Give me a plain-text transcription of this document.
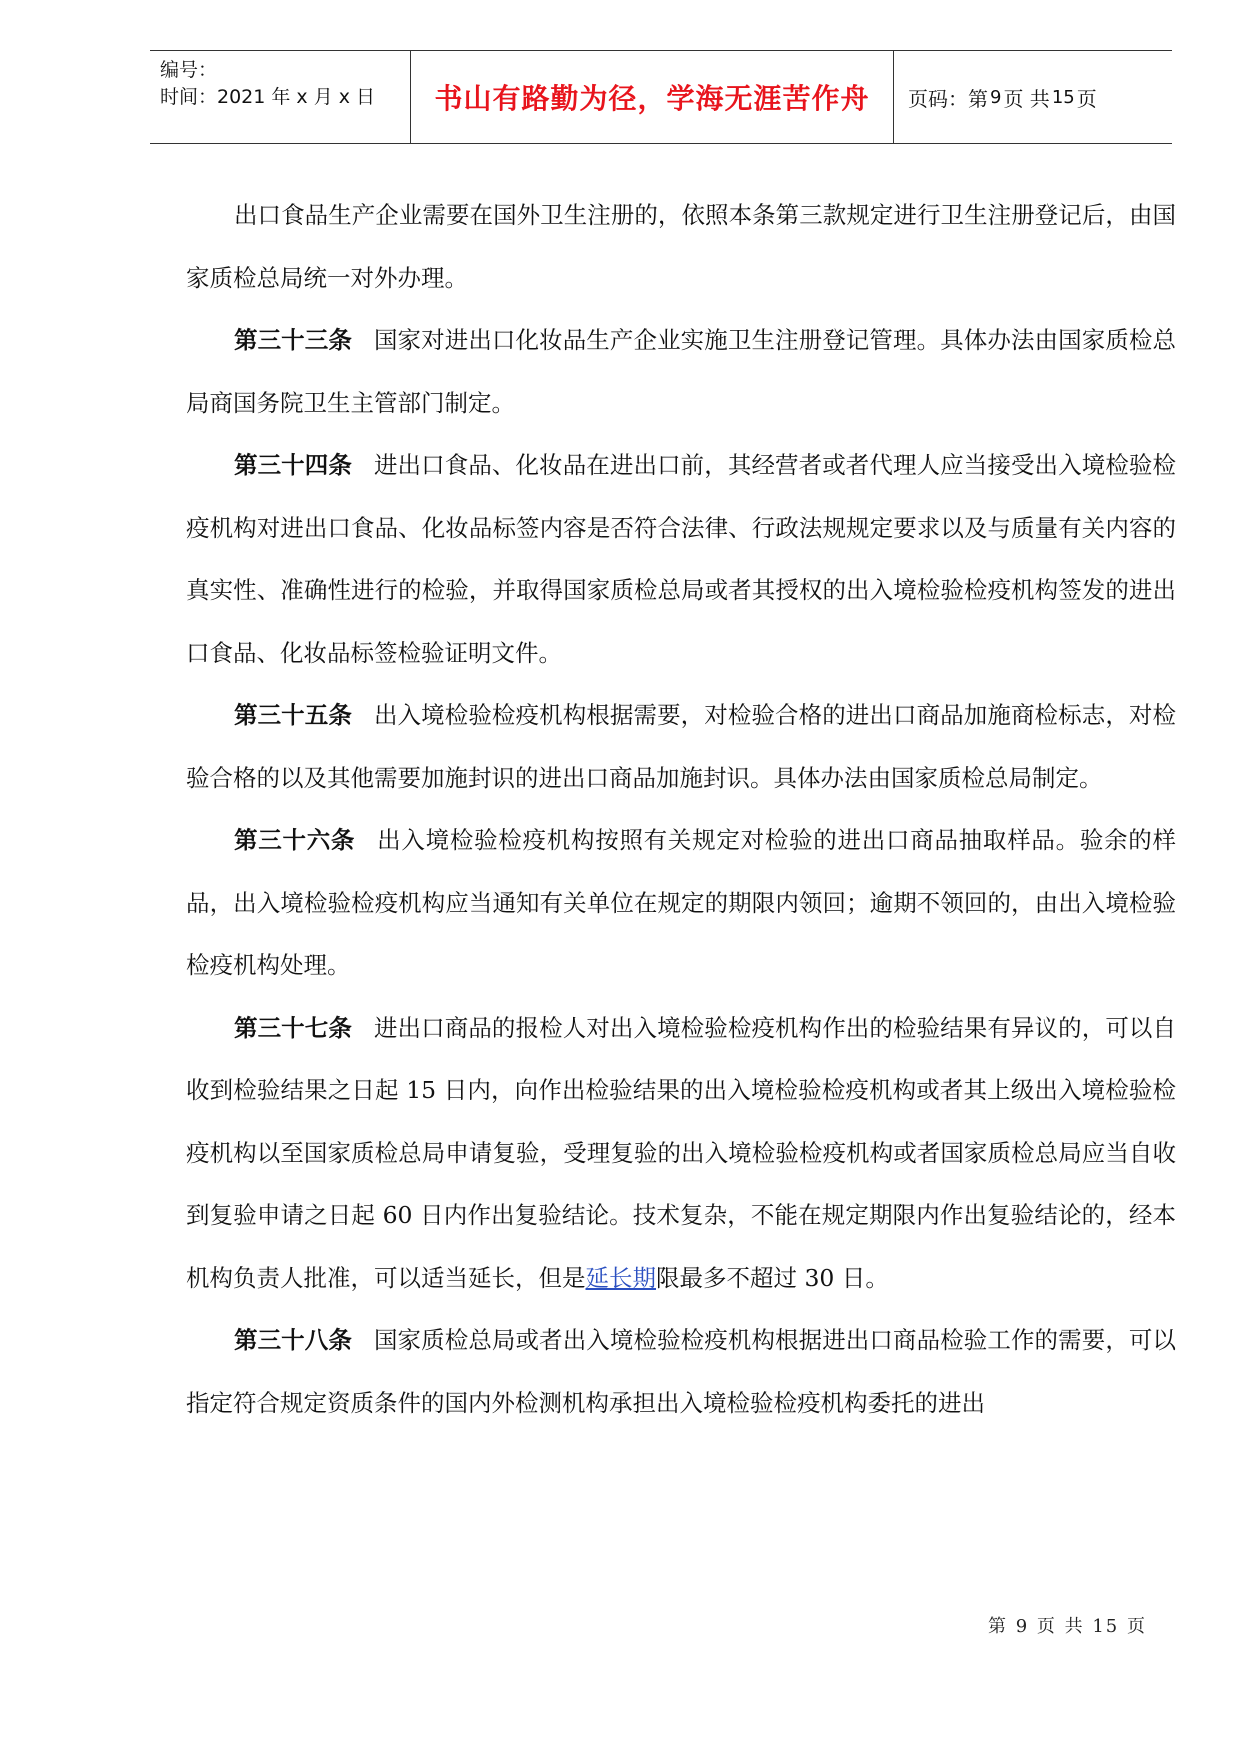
编号：
时间：2021 年 x 月 x 日	书山有路勤为径，学海无涯苦作舟 页码：第 9 页 共 15 页

出口食品生产企业需要在国外卫生注册的，依照本条第三款规定进行卫生注册登记后，由国家质检总局统一对外办理。

第三十三条 国家对进出口化妆品生产企业实施卫生注册登记管理。具体办法由国家质检总局商国务院卫生主管部门制定。

第三十四条 进出口食品、化妆品在进出口前，其经营者或者代理人应当接受出入境检验检疫机构对进出口食品、化妆品标签内容是否符合法律、行政法规规定要求以及与质量有关内容的真实性、准确性进行的检验，并取得国家质检总局或者其授权的出入境检验检疫机构签发的进出口食品、化妆品标签检验证明文件。

第三十五条 出入境检验检疫机构根据需要，对检验合格的进出口商品加施商检标志，对检验合格的以及其他需要加施封识的进出口商品加施封识。具体办法由国家质检总局制定。

第三十六条 出入境检验检疫机构按照有关规定对检验的进出口商品抽取样品。验余的样品，出入境检验检疫机构应当通知有关单位在规定的期限内领回；逾期不领回的，由出入境检验检疫机构处理。

第三十七条 进出口商品的报检人对出入境检验检疫机构作出的检验结果有异议的，可以自收到检验结果之日起 15 日内，向作出检验结果的出入境检验检疫机构或者其上级出入境检验检疫机构以至国家质检总局申请复验，受理复验的出入境检验检疫机构或者国家质检总局应当自收到复验申请之日起 60 日内作出复验结论。技术复杂，不能在规定期限内作出复验结论的，经本机构负责人批准，可以适当延长，但是延长期限最多不超过 30 日。

第三十八条 国家质检总局或者出入境检验检疫机构根据进出口商品检验工作的需要，可以指定符合规定资质条件的国内外检测机构承担出入境检验检疫机构委托的进出

第 9 页 共 15 页
